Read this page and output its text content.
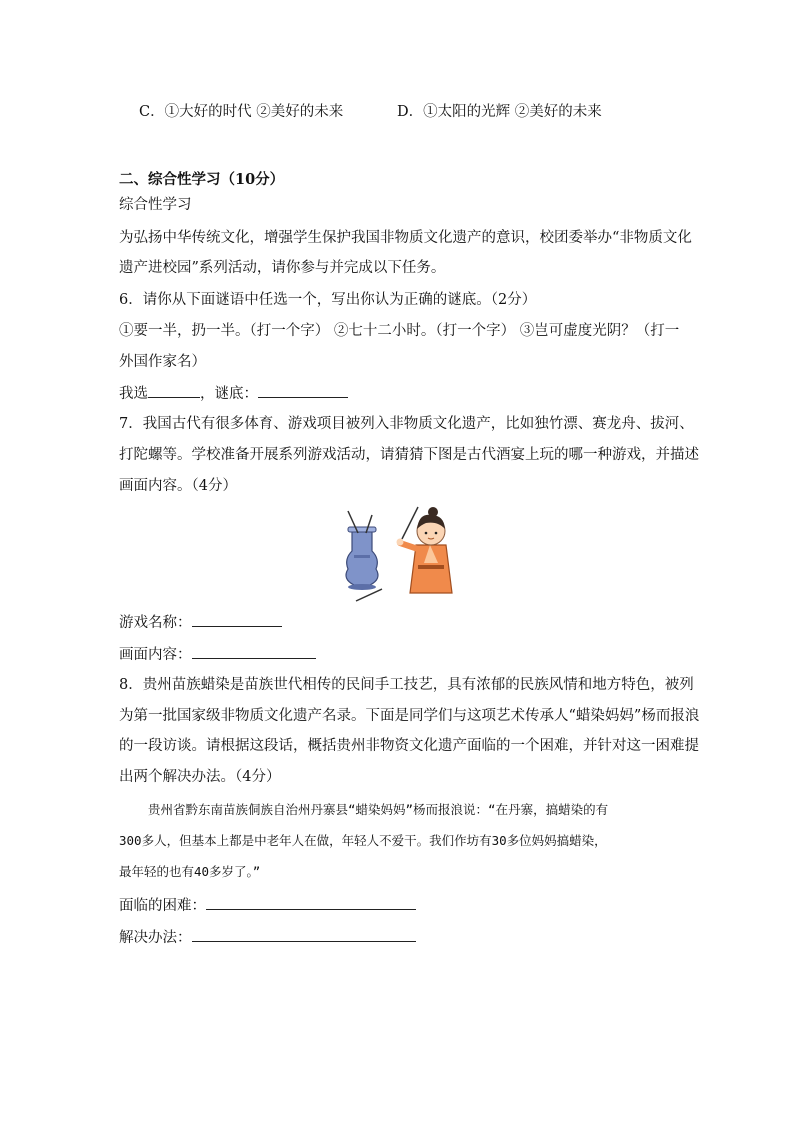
C．①大好的时代 ②美好的未来	D．①太阳的光辉 ②美好的未来
二、综合性学习（10分）
综合性学习
为弘扬中华传统文化，增强学生保护我国非物质文化遗产的意识，校团委举办“非物质文化
遗产进校园”系列活动，请你参与并完成以下任务。
6．请你从下面谜语中任选一个，写出你认为正确的谜底。（2分）
①要一半，扔一半。（打一个字） ②七十二小时。（打一个字） ③岂可虚度光阴？（打一
外国作家名）
我选	，谜底：
7．我国古代有很多体育、游戏项目被列入非物质文化遗产，比如独竹漂、赛龙舟、拔河、
打陀螺等。学校准备开展系列游戏活动，请猜猜下图是古代酒宴上玩的哪一种游戏，并描述
画面内容。（4分）
游戏名称：
画面内容：
8．贵州苗族蜡染是苗族世代相传的民间手工技艺，具有浓郁的民族风情和地方特色，被列
为第一批国家级非物质文化遗产名录。下面是同学们与这项艺术传承人“蜡染妈妈”杨而报浪
的一段访谈。请根据这段话，概括贵州非物资文化遗产面临的一个困难，并针对这一困难提
出两个解决办法。（4分）
贵州省黔东南苗族侗族自治州丹寨县“蜡染妈妈”杨而报浪说：“在丹寨，搞蜡染的有
300多人，但基本上都是中老年人在做，年轻人不爱干。我们作坊有30多位妈妈搞蜡染，
最年轻的也有40多岁了。”
面临的困难：
解决办法：
